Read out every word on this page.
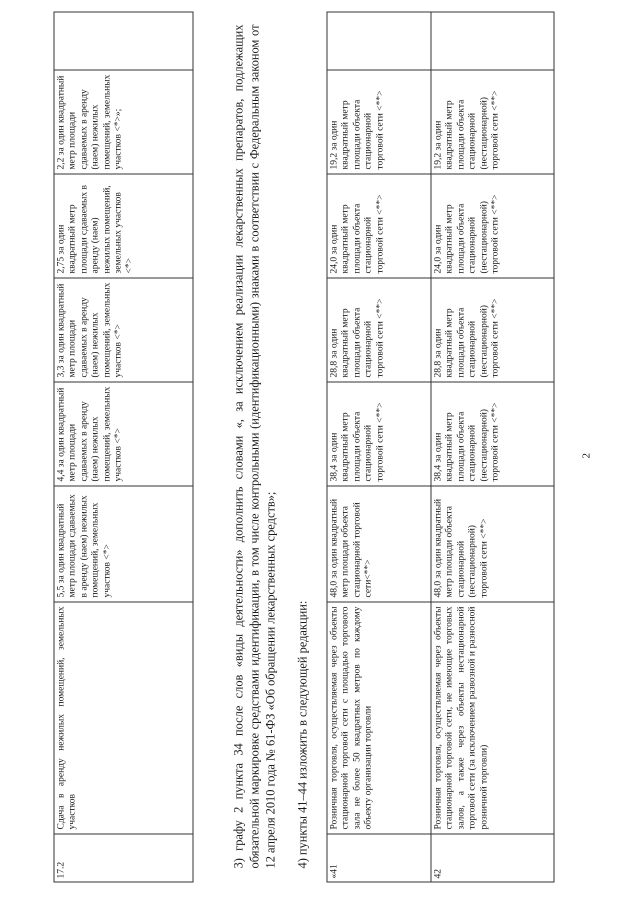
2
17.2	Сдача в аренду нежилых помещений, земельных участков	5,5 за один квадратный метр площади сдаваемых в аренду (наем) нежилых помещений, земельных участков <*>	4,4 за один квадратный метр площади сдаваемых в аренду (наем) нежилых помещений, земельных участков <*>	3,3 за один квадратный метр площади сдаваемых в аренду (наем) нежилых помещений, земельных участков <*>	2,75 за один квадратный метр площади сдаваемых в аренду (наем) нежилых помещений, земельных участков <*>	2,2 за один квадратный метр площади сдаваемых в аренду (наем) нежилых помещений, земельных участков <*>»;		3) графу 2 пункта 34 после слов «виды деятельности» дополнить словами «, за исключением реализации лекарственных препаратов, подлежащих обязательной маркировке средствами идентификации, в том числе контрольными (идентификационными) знаками в соответствии с Федеральным законом от 12 апреля 2010 года № 61-ФЗ «Об обращении лекарственных средств»; 4) пункты 41–44 изложить в следующей редакции:
«41	Розничная торговля, осуществляемая через объекты стационарной торговой сети с площадью торгового зала не более 50 квадратных метров по каждому объекту организации торговли	48,0 за один квадратный метр площади объекта стационарной торговой сети<**>	38,4 за один квадратный метр площади объекта стационарной торговой сети <**>	28,8 за один квадратный метр площади объекта стационарной торговой сети <**>	24,0 за один квадратный метр площади объекта стационарной торговой сети <**>	19,2 за один квадратный метр площади объекта стационарной торговой сети <**>	
42	Розничная торговля, осуществляемая через объекты стационарной торговой сети, не имеющие торговых залов, а также через объекты нестационарной торговой сети (за исключением развозной и разносной розничной торговли)	48,0 за один квадратный метр площади объекта стационарной (нестационарной) торговой сети <**>	38,4 за один квадратный метр площади объекта стационарной (нестационарной) торговой сети <**>	28,8 за один квадратный метр площади объекта стационарной (нестационарной) торговой сети <**>	24,0 за один квадратный метр площади объекта стационарной (нестационарной) торговой сети <**>	19,2 за один квадратный метр площади объекта стационарной (нестационарной) торговой сети <**>	
